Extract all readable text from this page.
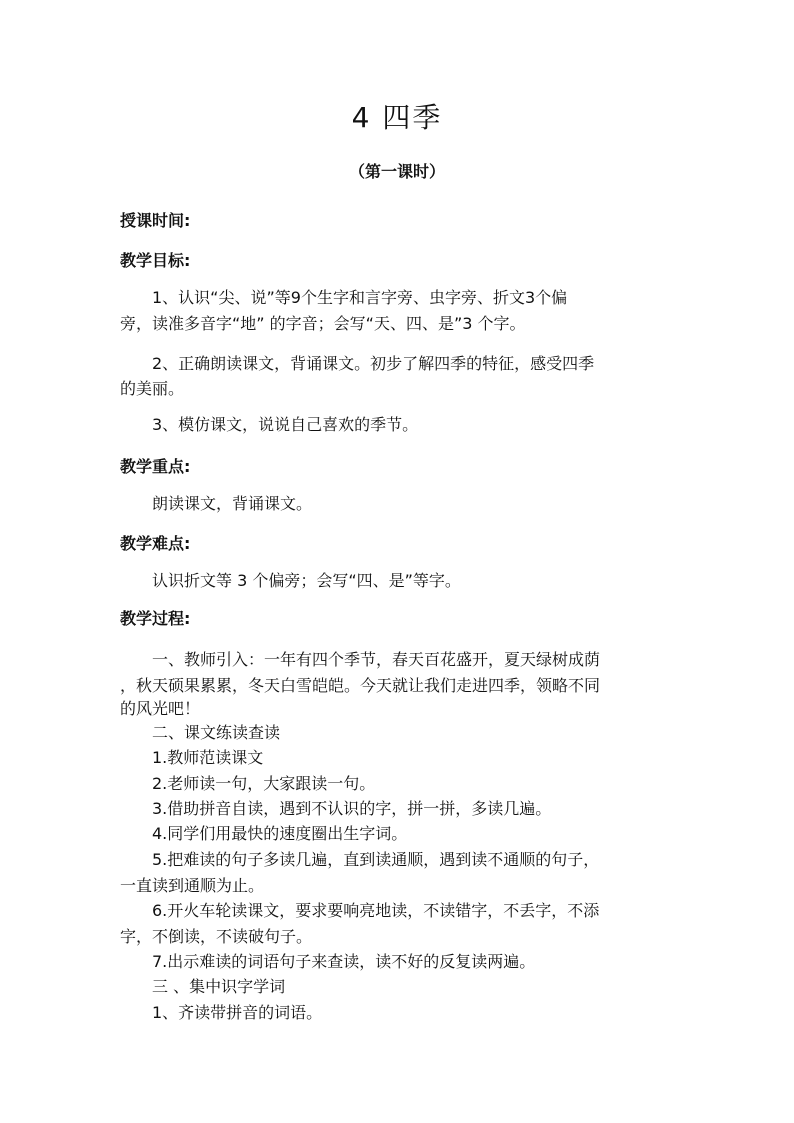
4 四季
（第一课时）
授课时间:
教学目标:
1、认识“尖、说”等9个生字和言字旁、虫字旁、折文3个偏
旁，读准多音字“地” 的字音；会写“天、四、是”3 个字。
2、正确朗读课文，背诵课文。初步了解四季的特征，感受四季
的美丽。
3、模仿课文，说说自己喜欢的季节。
教学重点:
朗读课文，背诵课文。
教学难点:
认识折文等 3 个偏旁；会写“四、是”等字。
教学过程:
一、教师引入：一年有四个季节，春天百花盛开，夏天绿树成荫
，秋天硕果累累，冬天白雪皑皑。今天就让我们走进四季，领略不同
的风光吧！
二、课文练读查读
1.教师范读课文
2.老师读一句，大家跟读一句。
3.借助拼音自读，遇到不认识的字，拼一拼，多读几遍。
4.同学们用最快的速度圈出生字词。
5.把难读的句子多读几遍，直到读通顺，遇到读不通顺的句子，
一直读到通顺为止。
6.开火车轮读课文，要求要响亮地读，不读错字，不丢字，不添
字，不倒读，不读破句子。
7.出示难读的词语句子来查读，读不好的反复读两遍。
三 、集中识字学词
1、齐读带拼音的词语。
